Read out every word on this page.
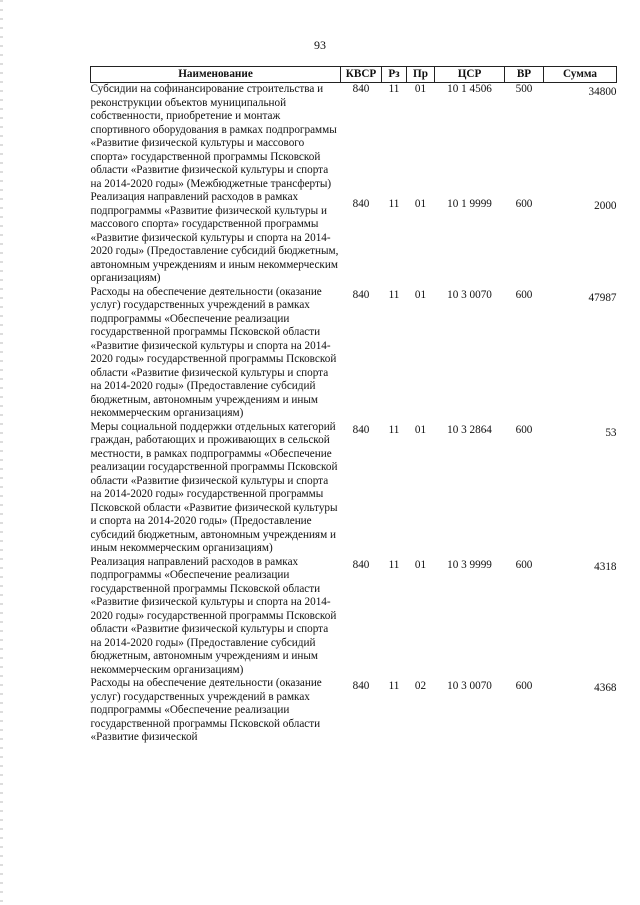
93
Наименование	КВСР	Рз	Пр	ЦСР	ВР	Сумма
Субсидии на софинансирование строительства и реконструкции объектов муниципальной собственности, приобретение и монтаж спортивного оборудования в рамках подпрограммы «Развитие физической культуры и массового спорта» государственной программы Псковской области «Развитие физической культуры и спорта на 2014-2020 годы» (Межбюджетные трансферты)	840	11	01	10 1 4506	500	34800
Реализация направлений расходов в рамках подпрограммы «Развитие физической культуры и массового спорта» государственной программы «Развитие физической культуры и спорта на 2014-2020 годы» (Предоставление субсидий бюджетным, автономным учреждениям и иным некоммерческим организациям)	840	11	01	10 1 9999	600	2000
Расходы на обеспечение деятельности (оказание услуг) государственных учреждений в рамках подпрограммы «Обеспечение реализации государственной программы Псковской области «Развитие физической культуры и спорта на 2014-2020 годы» государственной программы Псковской области «Развитие физической культуры и спорта на 2014-2020 годы» (Предоставление субсидий бюджетным, автономным учреждениям и иным некоммерческим организациям)	840	11	01	10 3 0070	600	47987
Меры социальной поддержки отдельных категорий граждан, работающих и проживающих в сельской местности, в рамках подпрограммы «Обеспечение реализации государственной программы Псковской области «Развитие физической культуры и спорта на 2014-2020 годы» государственной программы Псковской области «Развитие физической культуры и спорта на 2014-2020 годы» (Предоставление субсидий бюджетным, автономным учреждениям и иным некоммерческим организациям)	840	11	01	10 3 2864	600	53
Реализация направлений расходов в рамках подпрограммы «Обеспечение реализации государственной программы Псковской области «Развитие физической культуры и спорта на 2014-2020 годы» государственной программы Псковской области «Развитие физической культуры и спорта на 2014-2020 годы» (Предоставление субсидий бюджетным, автономным учреждениям и иным некоммерческим организациям)	840	11	01	10 3 9999	600	4318
Расходы на обеспечение деятельности (оказание услуг) государственных учреждений в рамках подпрограммы «Обеспечение реализации государственной программы Псковской области «Развитие физической	840	11	02	10 3 0070	600	4368
